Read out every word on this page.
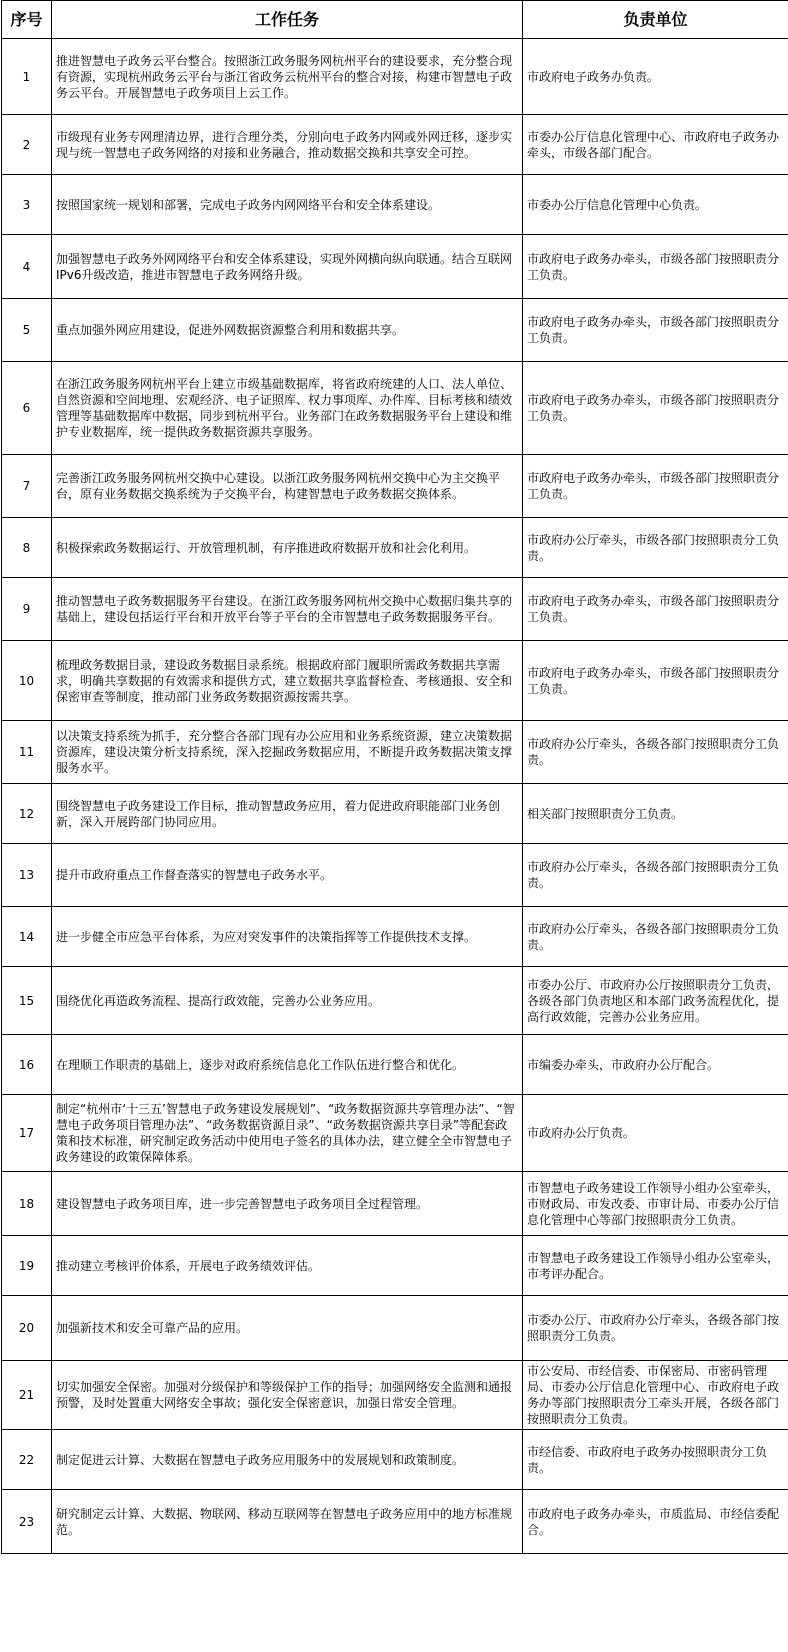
序号	工作任务	负责单位
1	推进智慧电子政务云平台整合。按照浙江政务服务网杭州平台的建设要求，充分整合现有资源，实现杭州政务云平台与浙江省政务云杭州平台的整合对接，构建市智慧电子政务云平台。开展智慧电子政务项目上云工作。	市政府电子政务办负责。
2	市级现有业务专网理清边界，进行合理分类，分别向电子政务内网或外网迁移，逐步实现与统一智慧电子政务网络的对接和业务融合，推动数据交换和共享安全可控。	市委办公厅信息化管理中心、市政府电子政务办牵头，市级各部门配合。
3	按照国家统一规划和部署，完成电子政务内网网络平台和安全体系建设。	市委办公厅信息化管理中心负责。
4	加强智慧电子政务外网网络平台和安全体系建设，实现外网横向纵向联通。结合互联网IPv6升级改造，推进市智慧电子政务网络升级。	市政府电子政务办牵头，市级各部门按照职责分工负责。
5	重点加强外网应用建设，促进外网数据资源整合利用和数据共享。	市政府电子政务办牵头，市级各部门按照职责分工负责。
6	在浙江政务服务网杭州平台上建立市级基础数据库，将省政府统建的人口、法人单位、自然资源和空间地理、宏观经济、电子证照库、权力事项库、办件库、目标考核和绩效管理等基础数据库中数据，同步到杭州平台。业务部门在政务数据服务平台上建设和维护专业数据库，统一提供政务数据资源共享服务。	市政府电子政务办牵头，市级各部门按照职责分工负责。
7	完善浙江政务服务网杭州交换中心建设。以浙江政务服务网杭州交换中心为主交换平台，原有业务数据交换系统为子交换平台，构建智慧电子政务数据交换体系。	市政府电子政务办牵头，市级各部门按照职责分工负责。
8	积极探索政务数据运行、开放管理机制，有序推进政府数据开放和社会化利用。	市政府办公厅牵头，市级各部门按照职责分工负责。
9	推动智慧电子政务数据服务平台建设。在浙江政务服务网杭州交换中心数据归集共享的基础上，建设包括运行平台和开放平台等子平台的全市智慧电子政务数据服务平台。	市政府电子政务办牵头，市级各部门按照职责分工负责。
10	梳理政务数据目录，建设政务数据目录系统。根据政府部门履职所需政务数据共享需求，明确共享数据的有效需求和提供方式，建立数据共享监督检查、考核通报、安全和保密审查等制度，推动部门业务政务数据资源按需共享。	市政府电子政务办牵头，市级各部门按照职责分工负责。
11	以决策支持系统为抓手，充分整合各部门现有办公应用和业务系统资源，建立决策数据资源库，建设决策分析支持系统，深入挖掘政务数据应用，不断提升政务数据决策支撑服务水平。	市政府办公厅牵头，各级各部门按照职责分工负责。
12	围绕智慧电子政务建设工作目标，推动智慧政务应用，着力促进政府职能部门业务创新，深入开展跨部门协同应用。	相关部门按照职责分工负责。
13	提升市政府重点工作督查落实的智慧电子政务水平。	市政府办公厅牵头，各级各部门按照职责分工负责。
14	进一步健全市应急平台体系，为应对突发事件的决策指挥等工作提供技术支撑。	市政府办公厅牵头，各级各部门按照职责分工负责。
15	围绕优化再造政务流程、提高行政效能，完善办公业务应用。	市委办公厅、市政府办公厅按照职责分工负责，各级各部门负责地区和本部门政务流程优化，提高行政效能，完善办公业务应用。
16	在理顺工作职责的基础上，逐步对政府系统信息化工作队伍进行整合和优化。	市编委办牵头，市政府办公厅配合。
17	制定“杭州市‘十三五’智慧电子政务建设发展规划”、“政务数据资源共享管理办法”、“智慧电子政务项目管理办法”、“政务数据资源目录”、“政务数据资源共享目录”等配套政策和技术标准，研究制定政务活动中使用电子签名的具体办法，建立健全全市智慧电子政务建设的政策保障体系。	市政府办公厅负责。
18	建设智慧电子政务项目库，进一步完善智慧电子政务项目全过程管理。	市智慧电子政务建设工作领导小组办公室牵头，市财政局、市发改委、市审计局、市委办公厅信息化管理中心等部门按照职责分工负责。
19	推动建立考核评价体系，开展电子政务绩效评估。	市智慧电子政务建设工作领导小组办公室牵头，市考评办配合。
20	加强新技术和安全可靠产品的应用。	市委办公厅、市政府办公厅牵头，各级各部门按照职责分工负责。
21	切实加强安全保密。加强对分级保护和等级保护工作的指导；加强网络安全监测和通报预警，及时处置重大网络安全事故；强化安全保密意识，加强日常安全管理。	市公安局、市经信委、市保密局、市密码管理局、市委办公厅信息化管理中心、市政府电子政务办等部门按照职责分工牵头开展，各级各部门按照职责分工负责。
22	制定促进云计算、大数据在智慧电子政务应用服务中的发展规划和政策制度。	市经信委、市政府电子政务办按照职责分工负责。
23	研究制定云计算、大数据、物联网、移动互联网等在智慧电子政务应用中的地方标准规范。	市政府电子政务办牵头，市质监局、市经信委配合。
